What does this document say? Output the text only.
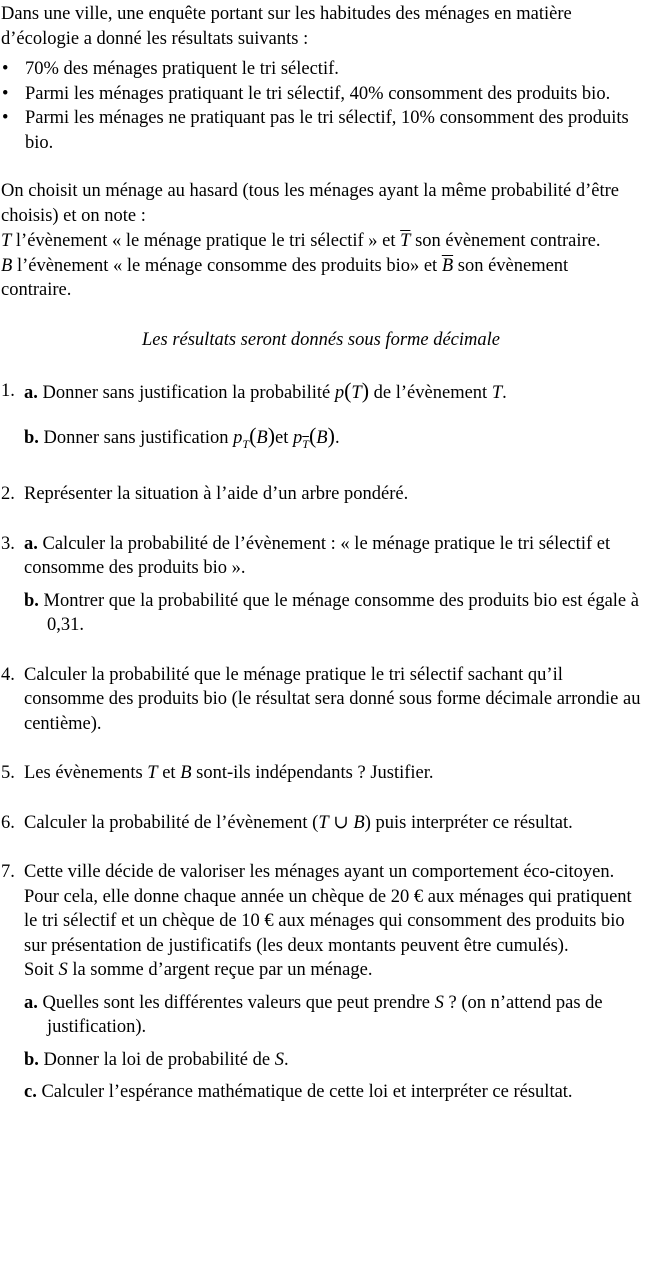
Dans une ville, une enquête portant sur les habitudes des ménages en matière d’écologie a donné les résultats suivants :

• 70% des ménages pratiquent le tri sélectif.
• Parmi les ménages pratiquant le tri sélectif, 40% consomment des produits bio.
• Parmi les ménages ne pratiquant pas le tri sélectif, 10% consomment des produits bio.

On choisit un ménage au hasard (tous les ménages ayant la même probabilité d’être choisis) et on note :

T l’évènement « le ménage pratique le tri sélectif » et $\overline{T}$ son évènement contraire.

B l’évènement « le ménage consomme des produits bio» et $\overline{B}$ son évènement contraire.

Les résultats seront donnés sous forme décimale

1. a. Donner sans justification la probabilité p(T) de l’évènement T.

b. Donner sans justification $p_T(B)et$ $p_{\overline{T}}(B)$.

2. Représenter la situation à l’aide d’un arbre pondéré.

3. a. Calculer la probabilité de l’évènement : « le ménage pratique le tri sélectif et consomme des produits bio ».

b. Montrer que la probabilité que le ménage consomme des produits bio est égale à 0,31.

4. Calculer la probabilité que le ménage pratique le tri sélectif sachant qu’il consomme des produits bio (le résultat sera donné sous forme décimale arrondie au centième).

5. Les évènements T et B sont-ils indépendants ? Justifier.

6. Calculer la probabilité de l’évènement (T ∪ B) puis interpréter ce résultat.

7. Cette ville décide de valoriser les ménages ayant un comportement éco-citoyen.

Pour cela, elle donne chaque année un chèque de 20 € aux ménages qui pratiquent le tri sélectif et un chèque de 10 € aux ménages qui consomment des produits bio sur présentation de justificatifs (les deux montants peuvent être cumulés).

Soit S la somme d’argent reçue par un ménage.

a. Quelles sont les différentes valeurs que peut prendre S ? (on n’attend pas de justification).

b. Donner la loi de probabilité de S.

c. Calculer l’espérance mathématique de cette loi et interpréter ce résultat.
